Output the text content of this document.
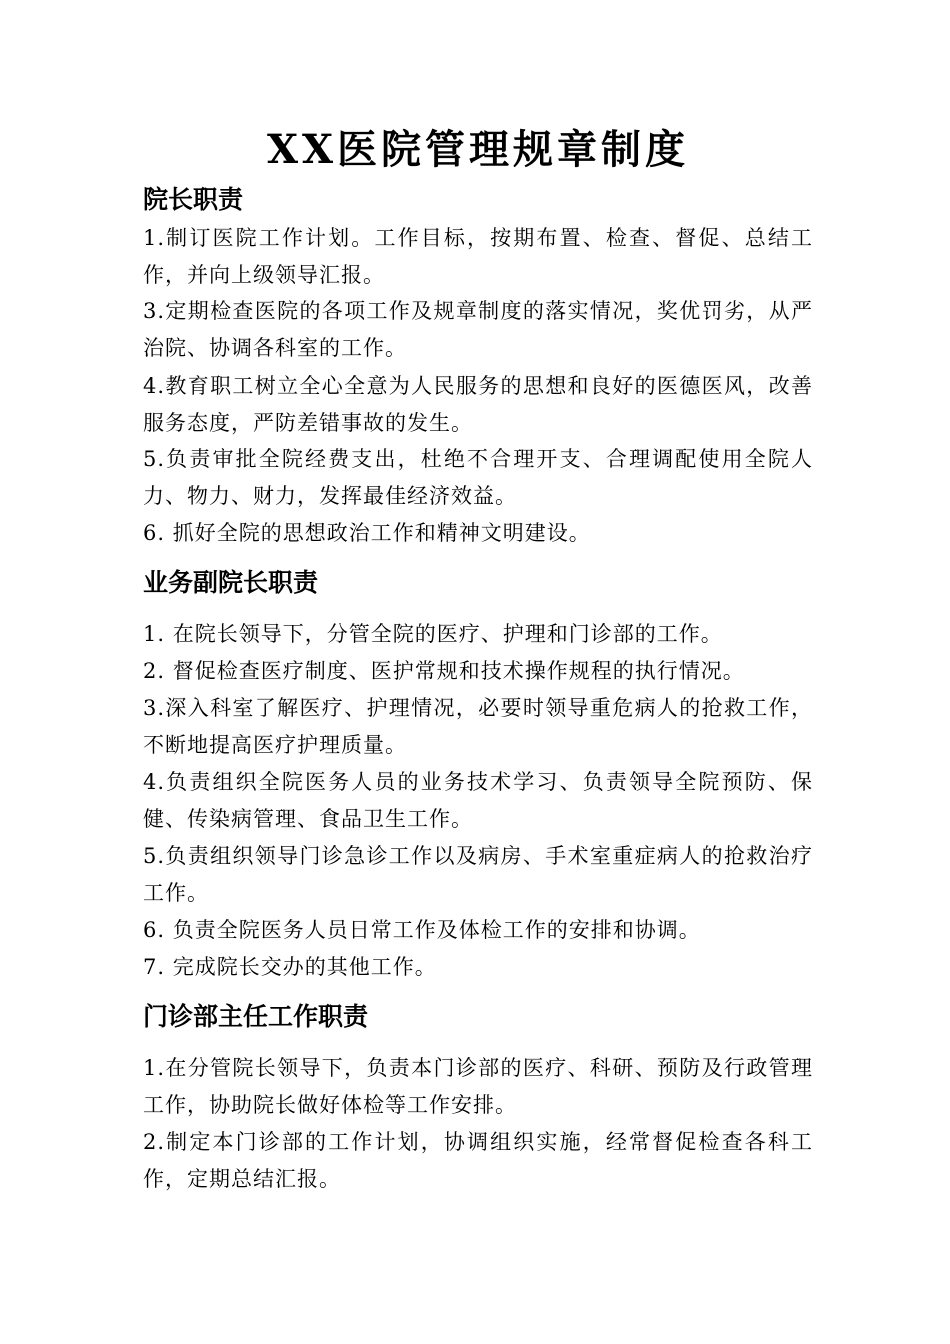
XX医院管理规章制度
院长职责

1.制订医院工作计划。工作目标，按期布置、检查、督促、总结工作，并向上级领导汇报。

3.定期检查医院的各项工作及规章制度的落实情况，奖优罚劣，从严治院、协调各科室的工作。

4.教育职工树立全心全意为人民服务的思想和良好的医德医风，改善服务态度，严防差错事故的发生。

5.负责审批全院经费支出，杜绝不合理开支、合理调配使用全院人力、物力、财力，发挥最佳经济效益。

6. 抓好全院的思想政治工作和精神文明建设。

业务副院长职责

1. 在院长领导下，分管全院的医疗、护理和门诊部的工作。

2. 督促检查医疗制度、医护常规和技术操作规程的执行情况。

3.深入科室了解医疗、护理情况，必要时领导重危病人的抢救工作，不断地提高医疗护理质量。

4.负责组织全院医务人员的业务技术学习、负责领导全院预防、保健、传染病管理、食品卫生工作。

5.负责组织领导门诊急诊工作以及病房、手术室重症病人的抢救治疗工作。

6. 负责全院医务人员日常工作及体检工作的安排和协调。

7. 完成院长交办的其他工作。

门诊部主任工作职责

1.在分管院长领导下，负责本门诊部的医疗、科研、预防及行政管理工作，协助院长做好体检等工作安排。

2.制定本门诊部的工作计划，协调组织实施，经常督促检查各科工作，定期总结汇报。
